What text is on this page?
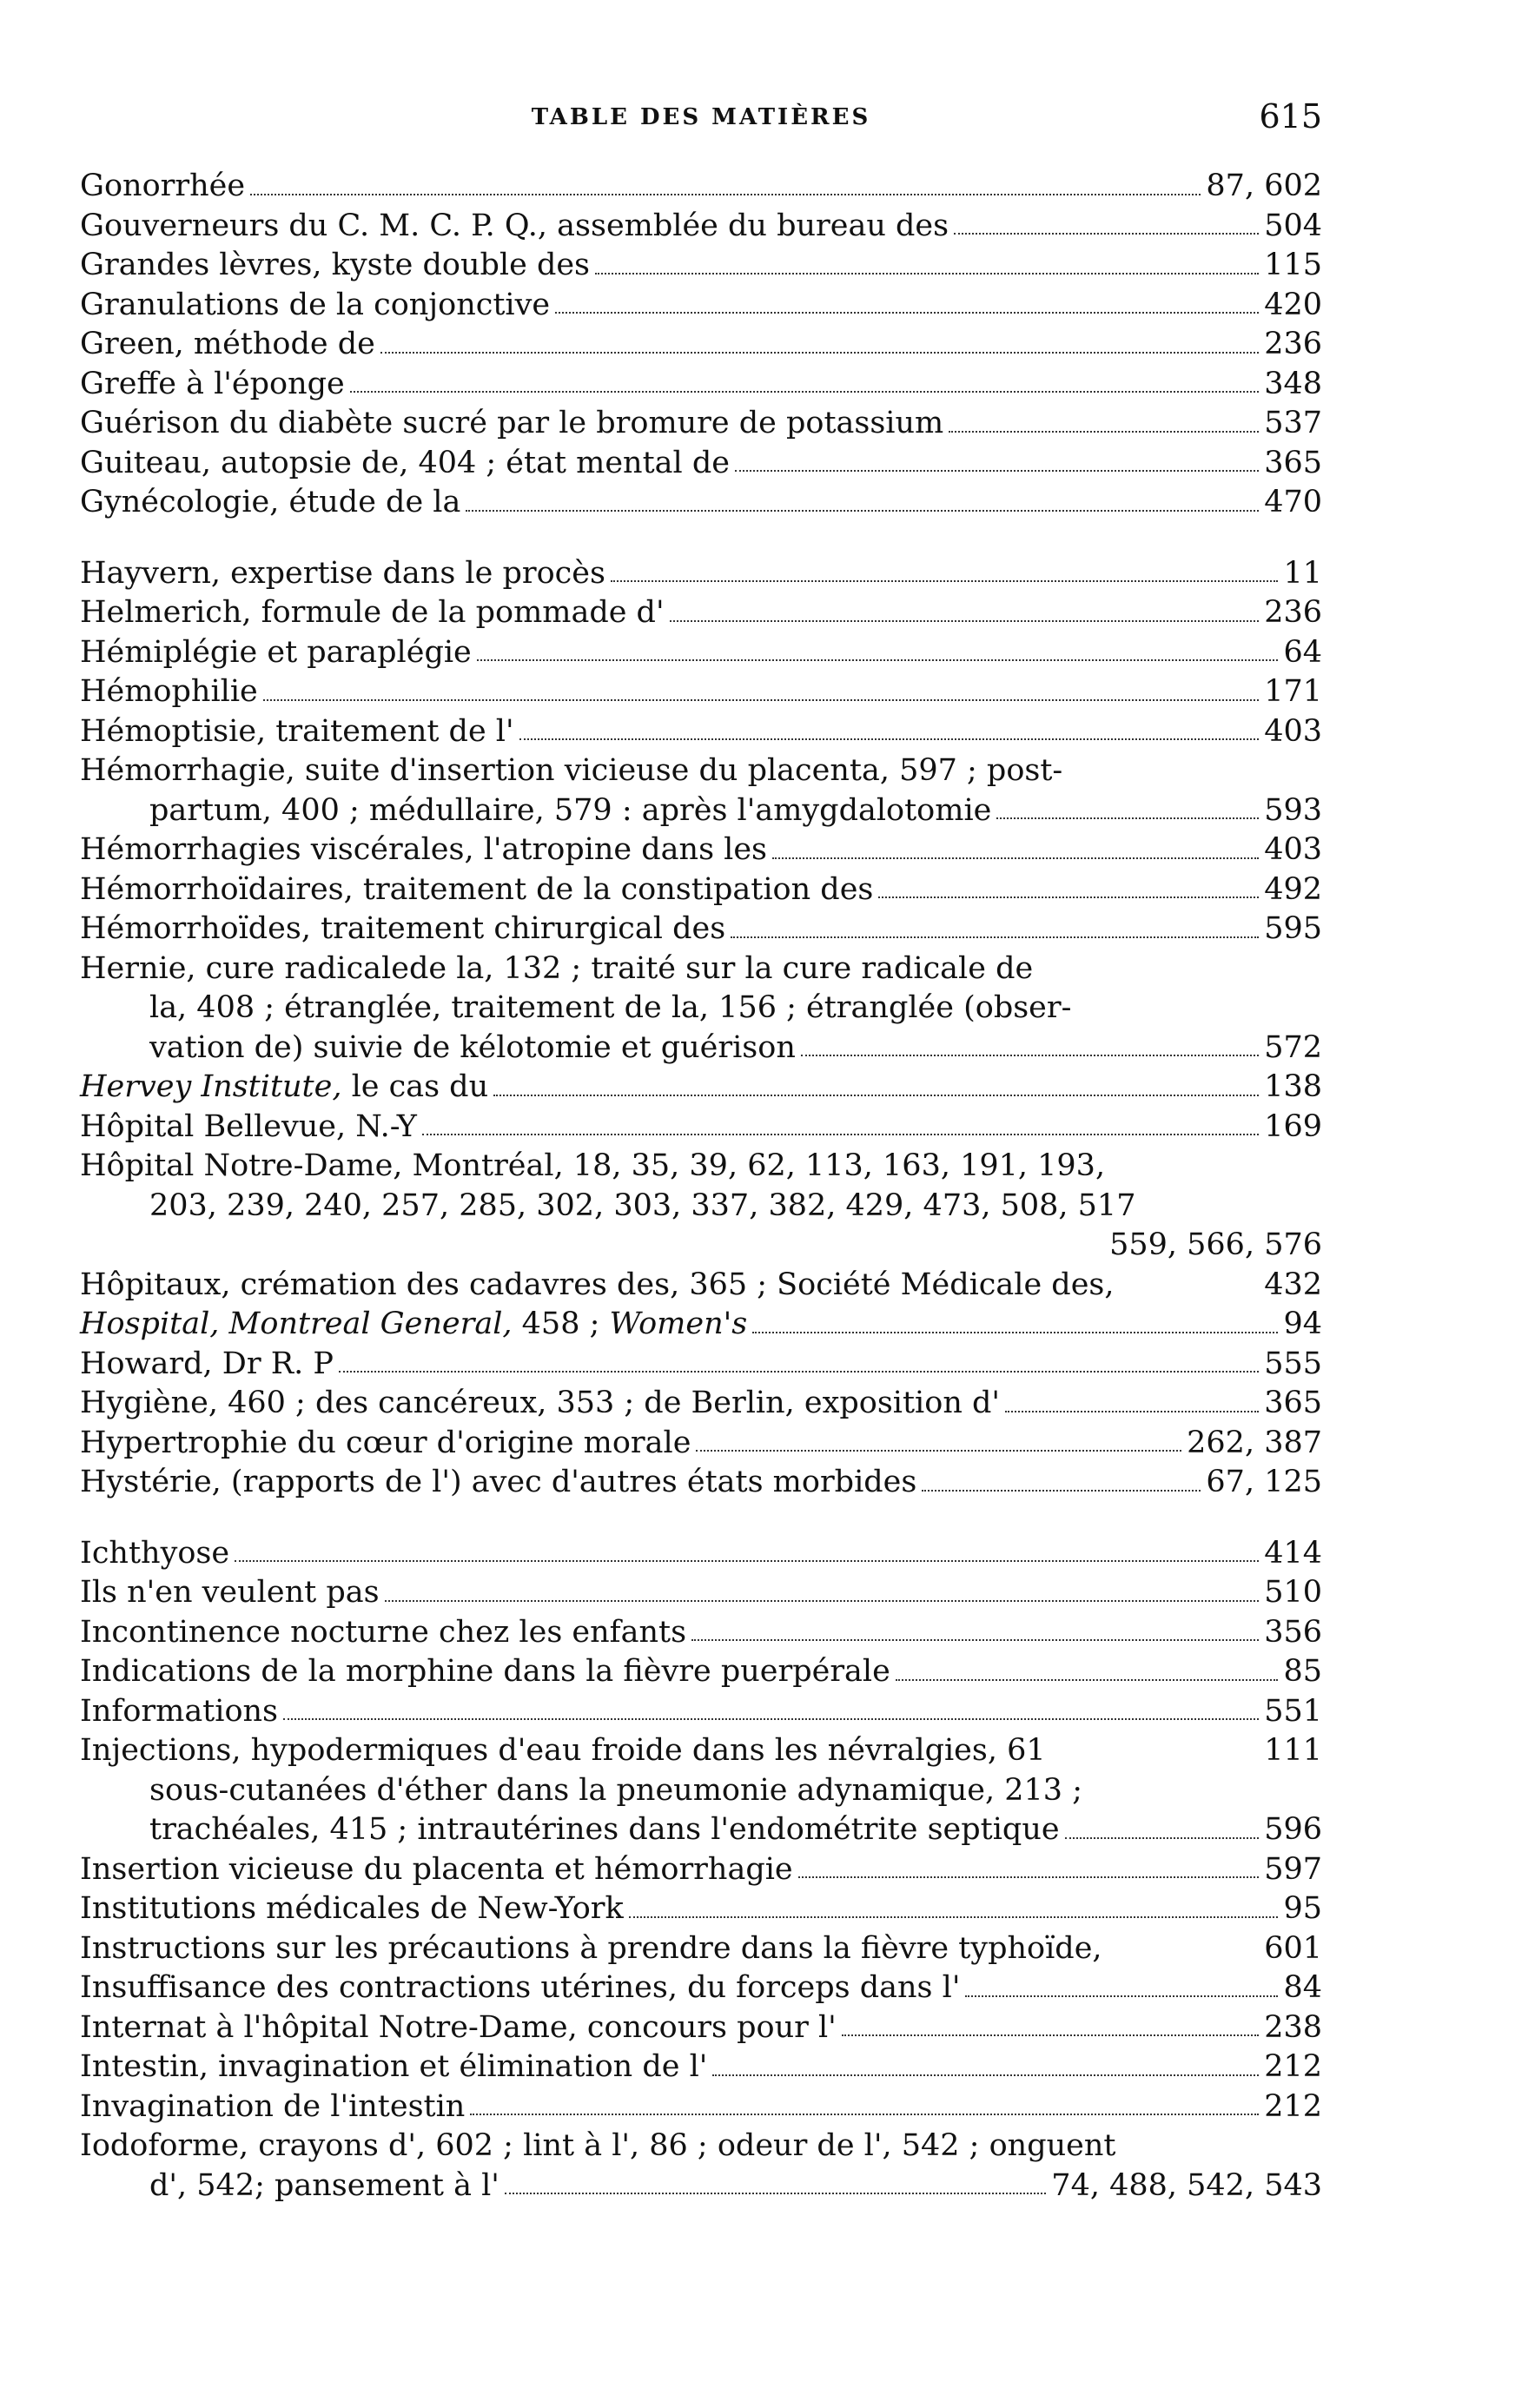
TABLE DES MATIÈRES	615
Gonorrhée	87, 602
Gouverneurs du C. M. C. P. Q., assemblée du bureau des	504
Grandes lèvres, kyste double des	115
Granulations de la conjonctive	420
Green, méthode de	236
Greffe à l'éponge	348
Guérison du diabète sucré par le bromure de potassium	537
Guiteau, autopsie de, 404 ; état mental de	365
Gynécologie, étude de la	470
Hayvern, expertise dans le procès	11
Helmerich, formule de la pommade d'	236
Hémiplégie et paraplégie	64
Hémophilie	171
Hémoptisie, traitement de l'	403
Hémorrhagie, suite d'insertion vicieuse du placenta, 597 ; post-
partum, 400 ; médullaire, 579 : après l'amygdalotomie	593
Hémorrhagies viscérales, l'atropine dans les	403
Hémorrhoïdaires, traitement de la constipation des	492
Hémorrhoïdes, traitement chirurgical des	595
Hernie, cure radicalede la, 132 ; traité sur la cure radicale de
la, 408 ; étranglée, traitement de la, 156 ; étranglée (obser-
vation de) suivie de kélotomie et guérison	572
Hervey Institute, le cas du	138
Hôpital Bellevue, N.-Y	169
Hôpital Notre-Dame, Montréal, 18, 35, 39, 62, 113, 163, 191, 193,
203, 239, 240, 257, 285, 302, 303, 337, 382, 429, 473, 508, 517
559, 566, 576
Hôpitaux, crémation des cadavres des, 365 ; Société Médicale des,	432
Hospital, Montreal General, 458 ; Women's	94
Howard, Dr R. P	555
Hygiène, 460 ; des cancéreux, 353 ; de Berlin, exposition d'	365
Hypertrophie du cœur d'origine morale	262, 387
Hystérie, (rapports de l') avec d'autres états morbides	67, 125
Ichthyose	414
Ils n'en veulent pas	510
Incontinence nocturne chez les enfants	356
Indications de la morphine dans la fièvre puerpérale	85
Informations	551
Injections, hypodermiques d'eau froide dans les névralgies, 61	111
sous-cutanées d'éther dans la pneumonie adynamique, 213 ;
trachéales, 415 ; intrautérines dans l'endométrite septique	596
Insertion vicieuse du placenta et hémorrhagie	597
Institutions médicales de New-York	95
Instructions sur les précautions à prendre dans la fièvre typhoïde,	601
Insuffisance des contractions utérines, du forceps dans l'	84
Internat à l'hôpital Notre-Dame, concours pour l'	238
Intestin, invagination et élimination de l'	212
Invagination de l'intestin	212
Iodoforme, crayons d', 602 ; lint à l', 86 ; odeur de l', 542 ; onguent
d', 542; pansement à l'	74, 488, 542, 543
